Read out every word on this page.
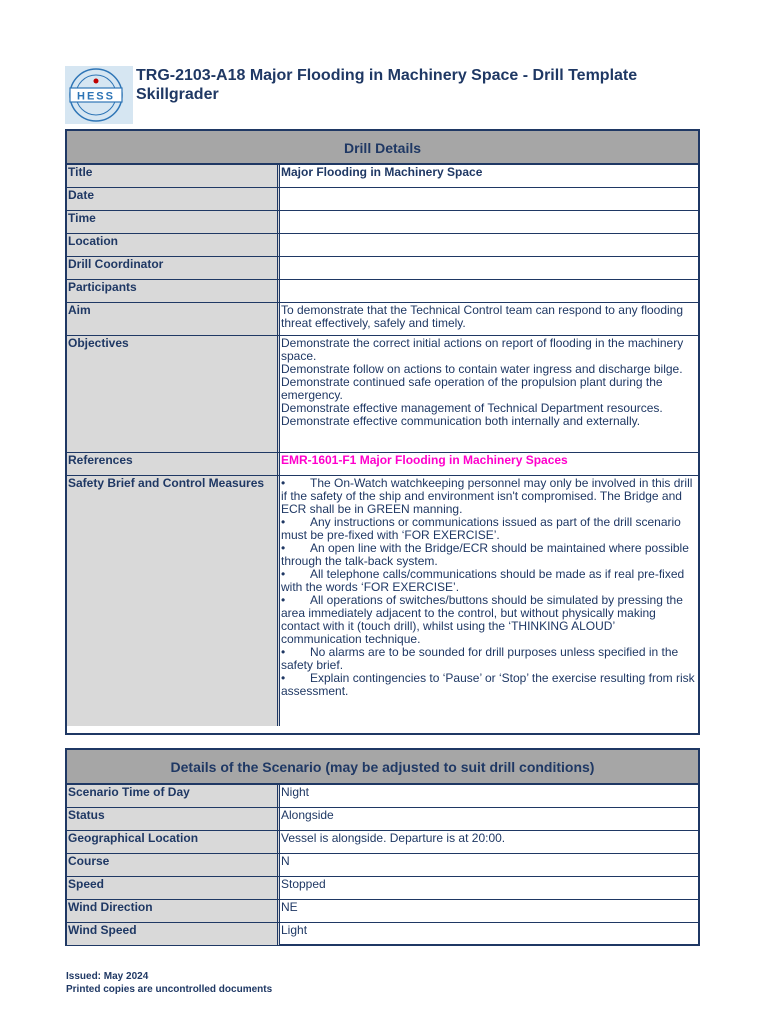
HESS
TRG-2103-A18 Major Flooding in Machinery Space - Drill Template Skillgrader
Drill Details
Title	Major Flooding in Machinery Space
Date
Time
Location
Drill Coordinator
Participants
Aim	To demonstrate that the Technical Control team can respond to any flooding threat effectively, safely and timely.
Objectives	Demonstrate the correct initial actions on report of flooding in the machinery space.
Demonstrate follow on actions to contain water ingress and discharge bilge.
Demonstrate continued safe operation of the propulsion plant during the emergency.
Demonstrate effective management of Technical Department resources.
Demonstrate effective communication both internally and externally.
References	EMR-1601-F1 Major Flooding in Machinery Spaces
Safety Brief and Control Measures	• The On-Watch watchkeeping personnel may only be involved in this drill if the safety of the ship and environment isn't compromised. The Bridge and ECR shall be in GREEN manning.

• Any instructions or communications issued as part of the drill scenario must be pre-fixed with ‘FOR EXERCISE’.

• An open line with the Bridge/ECR should be maintained where possible through the talk-back system.

• All telephone calls/communications should be made as if real pre-fixed with the words ‘FOR EXERCISE’.

• All operations of switches/buttons should be simulated by pressing the area immediately adjacent to the control, but without physically making contact with it (touch drill), whilst using the ‘THINKING ALOUD’ communication technique.

• No alarms are to be sounded for drill purposes unless specified in the safety brief.

• Explain contingencies to ‘Pause’ or ‘Stop’ the exercise resulting from risk assessment.

Details of the Scenario (may be adjusted to suit drill conditions)
Scenario Time of Day	Night
Status	Alongside
Geographical Location	Vessel is alongside. Departure is at 20:00.
Course	N
Speed	Stopped
Wind Direction	NE
Wind Speed	Light
Issued: May 2024
Printed copies are uncontrolled documents
